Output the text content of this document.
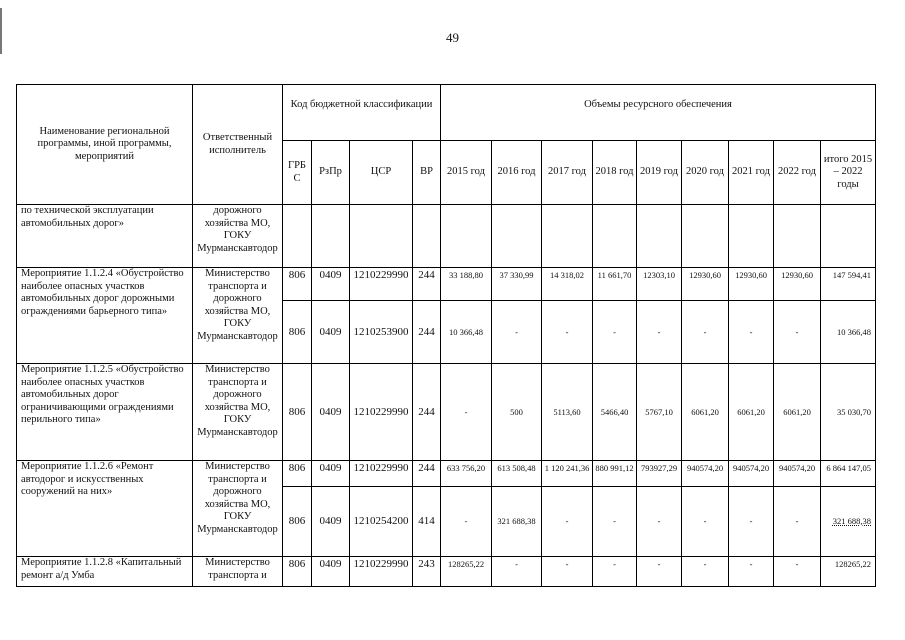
49
Наименование региональной программы, иной программы, мероприятий	Ответственный исполнитель	Код бюджетной классификации				Объемы ресурсного обеспечения								
		ГРБ С	РзПр	ЦСР	ВР	2015 год	2016 год	2017 год	2018 год	2019 год	2020 год	2021 год	2022 год	итого 2015 – 2022 годы
по технической эксплуатации автомобильных дорог»	дорожного хозяйства МО, ГОКУ Мурманскавтодор													
Мероприятие 1.1.2.4 «Обустройство наиболее опасных участков автомобильных дорог дорожными ограждениями барьерного типа»	Министерство транспорта и дорожного хозяйства МО, ГОКУ Мурманскавтодор	806	0409	1210229990	244	33 188,80	37 330,99	14 318,02	11 661,70	12303,10	12930,60	12930,60	12930,60	147 594,41
		806	0409	1210253900	244	10 366,48	-	-	-	-	-	-	-	10 366,48
Мероприятие 1.1.2.5 «Обустройство наиболее опасных участков автомобильных дорог ограничивающими ограждениями перильного типа»	Министерство транспорта и дорожного хозяйства МО, ГОКУ Мурманскавтодор	806	0409	1210229990	244	-	500	5113,60	5466,40	5767,10	6061,20	6061,20	6061,20	35 030,70
Мероприятие 1.1.2.6 «Ремонт автодорог и искусственных сооружений на них»	Министерство транспорта и дорожного хозяйства МО, ГОКУ Мурманскавтодор	806	0409	1210229990	244	633 756,20	613 508,48	1 120 241,36	880 991,12	793927,29	940574,20	940574,20	940574,20	6 864 147,05
		806	0409	1210254200	414	-	321 688,38	-	-	-	-	-	-	321 688,38
Мероприятие 1.1.2.8 «Капитальный ремонт а/д Умба	Министерство транспорта и	806	0409	1210229990	243	128265,22	-	-	-	-	-	-	-	128265,22
